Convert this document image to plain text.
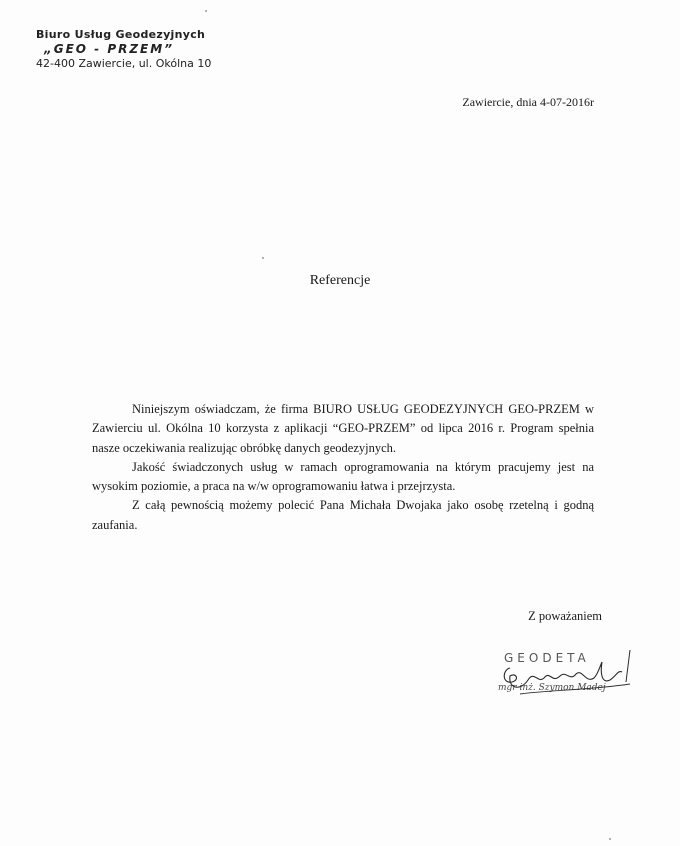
Biuro Usług Geodezyjnych
„GEO - PRZEM”
42-400 Zawiercie, ul. Okólna 10
Zawiercie, dnia 4-07-2016r
Referencje

Niniejszym oświadczam, że firma BIURO USŁUG GEODEZYJNYCH GEO-PRZEM w Zawierciu ul. Okólna 10 korzysta z aplikacji “GEO-PRZEM” od lipca 2016 r. Program spełnia nasze oczekiwania realizując obróbkę danych geodezyjnych.

Jakość świadczonych usług w ramach oprogramowania na którym pracujemy jest na wysokim poziomie, a praca na w/w oprogramowaniu łatwa i przejrzysta.

Z całą pewnością możemy polecić Pana Michała Dwojaka jako osobę rzetelną i godną zaufania.

Z poważaniem
GEODETA
mgr inż. Szymon Madej
